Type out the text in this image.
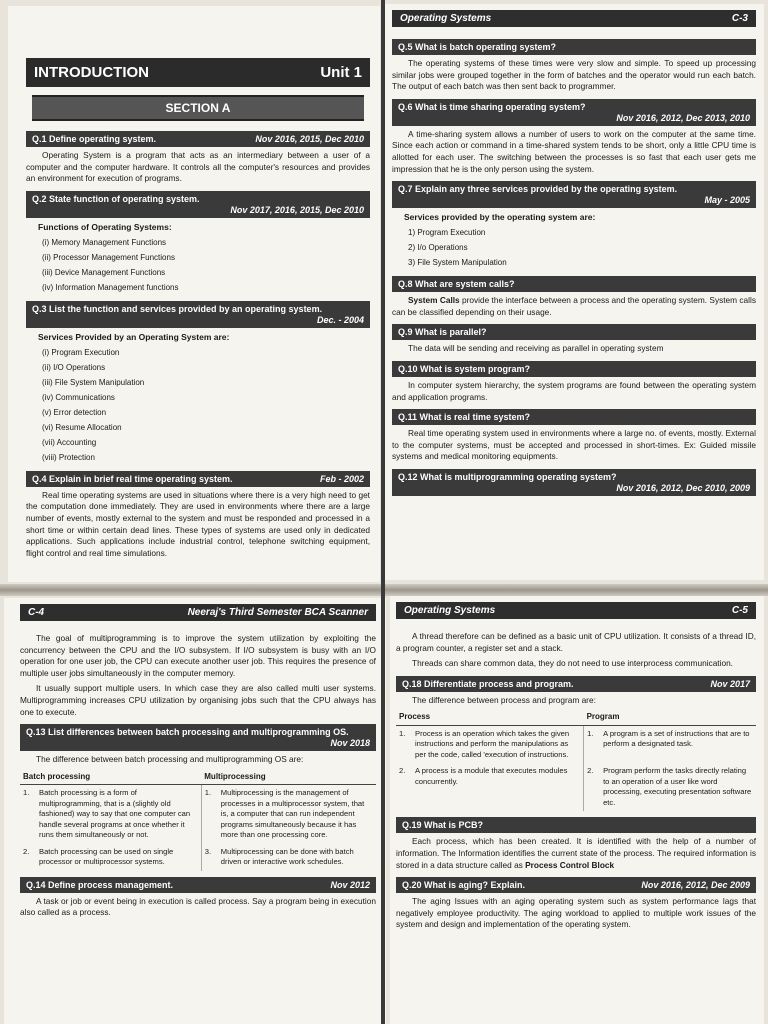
INTRODUCTION	Unit 1
SECTION A
Q.1 Define operating system.	Nov 2016, 2015, Dec 2010

Operating System is a program that acts as an intermediary between a user of a computer and the computer hardware. It controls all the computer's resources and provides an environment for execution of programs.

Q.2 State function of operating system.
Nov 2017, 2016, 2015, Dec 2010
Functions of Operating Systems:
(i) Memory Management Functions
(ii) Processor Management Functions
(iii) Device Management Functions
(iv) Information Management functions
Q.3 List the function and services provided by an operating system.
Dec. - 2004
Services Provided by an Operating System are:
(i) Program Execution
(ii) I/O Operations
(iii) File System Manipulation
(iv) Communications
(v) Error detection
(vi) Resume Allocation
(vii) Accounting
(viii) Protection
Q.4 Explain in brief real time operating system.	Feb - 2002

Real time operating systems are used in situations where there is a very high need to get the computation done immediately. They are used in environments where there are a large number of events, mostly external to the system and must be responded and processed in a short time or within certain dead lines. These types of systems are used only in dedicated applications. Such applications include industrial control, telephone switching equipment, flight control and real time simulations.

Operating Systems	C-3
Q.5 What is batch operating system?

The operating systems of these times were very slow and simple. To speed up processing similar jobs were grouped together in the form of batches and the operator would run each batch. The output of each batch was then sent back to programmer.

Q.6 What is time sharing operating system?
Nov 2016, 2012, Dec 2013, 2010

A time-sharing system allows a number of users to work on the computer at the same time. Since each action or command in a time-shared system tends to be short, only a little CPU time is allotted for each user. The switching between the processes is so fast that each user gets me impression that he is the only person using the system.

Q.7 Explain any three services provided by the operating system.
May - 2005
Services provided by the operating system are:
1) Program Execution
2) I/o Operations
3) File System Manipulation
Q.8 What are system calls?

System Calls provide the interface between a process and the operating system. System calls can be classified depending on their usage.

Q.9 What is parallel?

The data will be sending and receiving as parallel in operating system

Q.10 What is system program?

In computer system hierarchy, the system programs are found between the operating system and application programs.

Q.11 What is real time system?

Real time operating system used in environments where a large no. of events, mostly. External to the computer systems, must be accepted and processed in short-times. Ex: Guided missile systems and medical monitoring equipments.

Q.12 What is multiprogramming operating system?
Nov 2016, 2012, Dec 2010, 2009
C-4	Neeraj's Third Semester BCA Scanner

The goal of multiprogramming is to improve the system utilization by exploiting the concurrency between the CPU and the I/O subsystem. If I/O subsystem is busy with an I/O operation for one user job, the CPU can execute another user job. This requires the presence of multiple user jobs simultaneously in the computer memory.

It usually support multiple users. In which case they are also called multi user systems. Multiprogramming increases CPU utilization by organising jobs such that the CPU always has one to execute.

Q.13 List differences between batch processing and multiprogramming OS.
Nov 2018

The difference between batch processing and multiprogramming OS are:

Batch processing		Multiprocessing	
1.	Batch processing is a form of multiprogramming, that is a (slightly old fashioned) way to say that one computer can handle several programs at once whether it runs them simultaneously or not.	1.	Multiprocessing is the management of processes in a multiprocessor system, that is, a computer that can run independent programs simultaneously because it has more than one processing core.
2.	Batch processing can be used on single processor or multiprocessor systems.	3.	Multiprocessing can be done with batch driven or interactive work schedules.
Q.14 Define process management.	Nov 2012

A task or job or event being in execution is called process. Say a program being in execution also called as a process.

Operating Systems	C-5

A thread therefore can be defined as a basic unit of CPU utilization. It consists of a thread ID, a program counter, a register set and a stack.

Threads can share common data, they do not need to use interprocess communication.

Q.18 Differentiate process and program.	Nov 2017

The difference between process and program are:

Process		Program	
1.	Process is an operation which takes the given instructions and perform the manipulations as per the code, called 'execution of instructions.	1.	A program is a set of instructions that are to perform a designated task.
2.	A process is a module that executes modules concurrently.	2.	Program perform the tasks directly relating to an operation of a user like word processing, executing presentation software etc.
Q.19 What is PCB?

Each process, which has been created. It is identified with the help of a number of information. The Information identifies the current state of the process. The required information is stored in a data structure called as Process Control Block

Q.20 What is aging? Explain.	Nov 2016, 2012, Dec 2009

The aging Issues with an aging operating system such as system performance lags that negatively employee productivity. The aging workload to applied to multiple work issues of the system and design and implementation of the operating system.
